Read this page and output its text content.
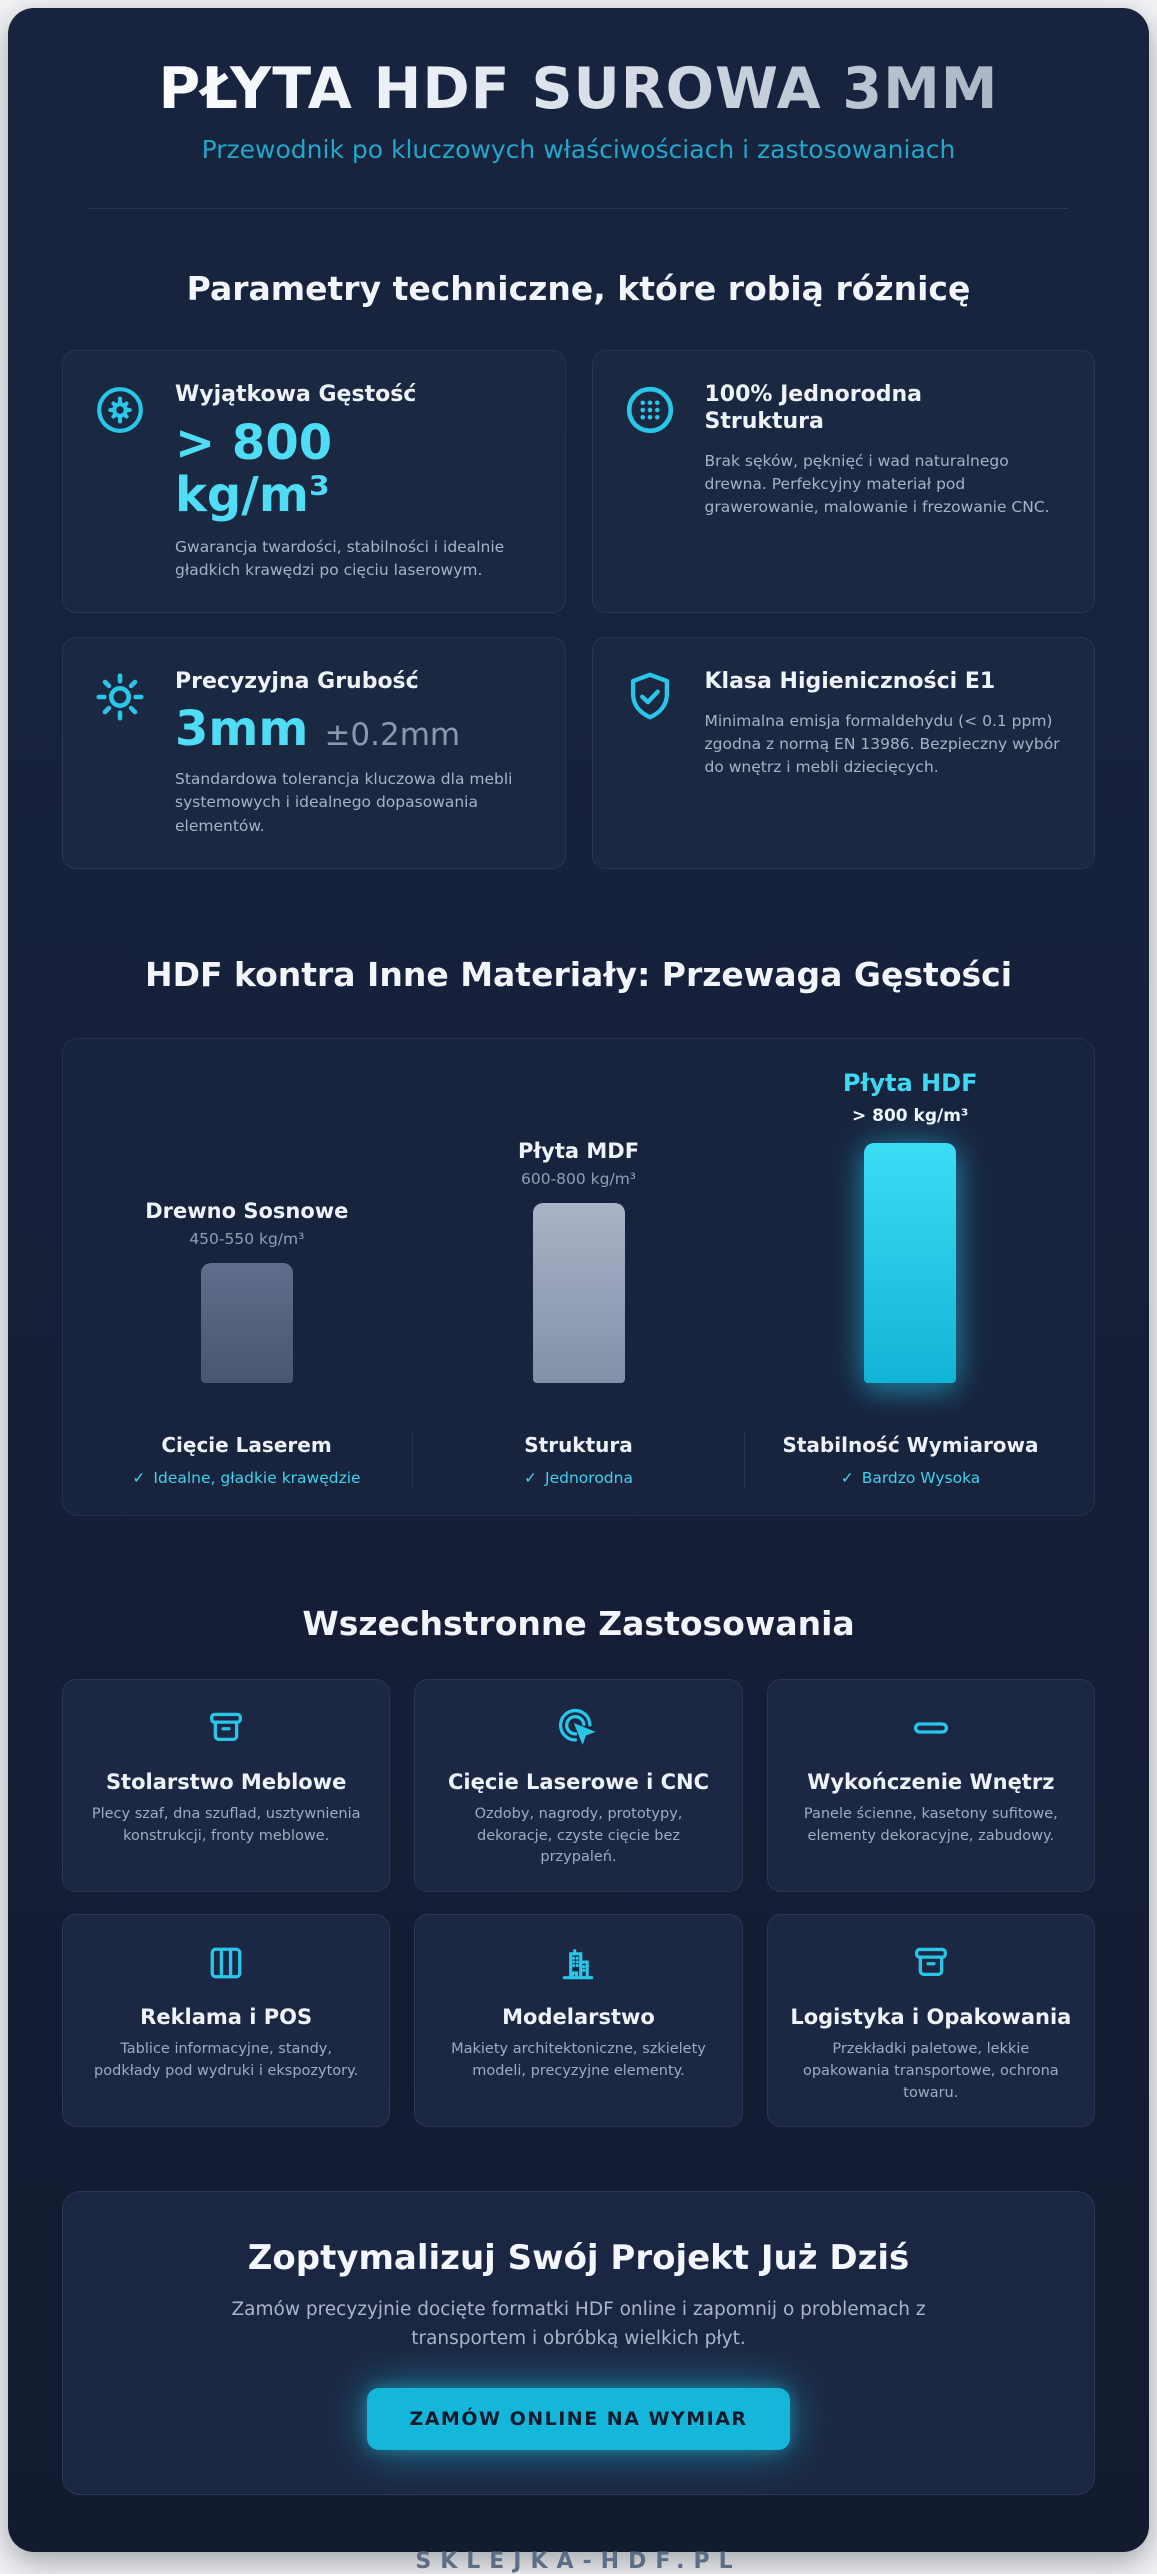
PŁYTA HDF SUROWA 3MM
Przewodnik po kluczowych właściwościach i zastosowaniach
Parametry techniczne, które robią różnicę
Wyjątkowa Gęstość
> 800 kg/m³
Gwarancja twardości, stabilności i idealnie gładkich krawędzi po cięciu laserowym.
100% Jednorodna Struktura
Brak sęków, pęknięć i wad naturalnego drewna. Perfekcyjny materiał pod grawerowanie, malowanie i frezowanie CNC.
Precyzyjna Grubość
3mm ±0.2mm
Standardowa tolerancja kluczowa dla mebli systemowych i idealnego dopasowania elementów.
Klasa Higieniczności E1
Minimalna emisja formaldehydu (< 0.1 ppm) zgodna z normą EN 13986. Bezpieczny wybór do wnętrz i mebli dziecięcych.
HDF kontra Inne Materiały: Przewaga Gęstości
Drewno Sosnowe
450-550 kg/m³
Płyta MDF
600-800 kg/m³
Płyta HDF
> 800 kg/m³
Cięcie Laserem
✓ Idealne, gładkie krawędzie
Struktura
✓ Jednorodna
Stabilność Wymiarowa
✓ Bardzo Wysoka
Wszechstronne Zastosowania
Stolarstwo Meblowe
Plecy szaf, dna szuflad, usztywnienia konstrukcji, fronty meblowe.
Cięcie Laserowe i CNC
Ozdoby, nagrody, prototypy, dekoracje, czyste cięcie bez przypaleń.
Wykończenie Wnętrz
Panele ścienne, kasetony sufitowe, elementy dekoracyjne, zabudowy.
Reklama i POS
Tablice informacyjne, standy, podkłady pod wydruki i ekspozytory.
Modelarstwo
Makiety architektoniczne, szkielety modeli, precyzyjne elementy.
Logistyka i Opakowania
Przekładki paletowe, lekkie opakowania transportowe, ochrona towaru.
Zoptymalizuj Swój Projekt Już Dziś
Zamów precyzyjnie docięte formatki HDF online i zapomnij o problemach z transportem i obróbką wielkich płyt.
ZAMÓW ONLINE NA WYMIAR
SKLEJKA-HDF.PL
